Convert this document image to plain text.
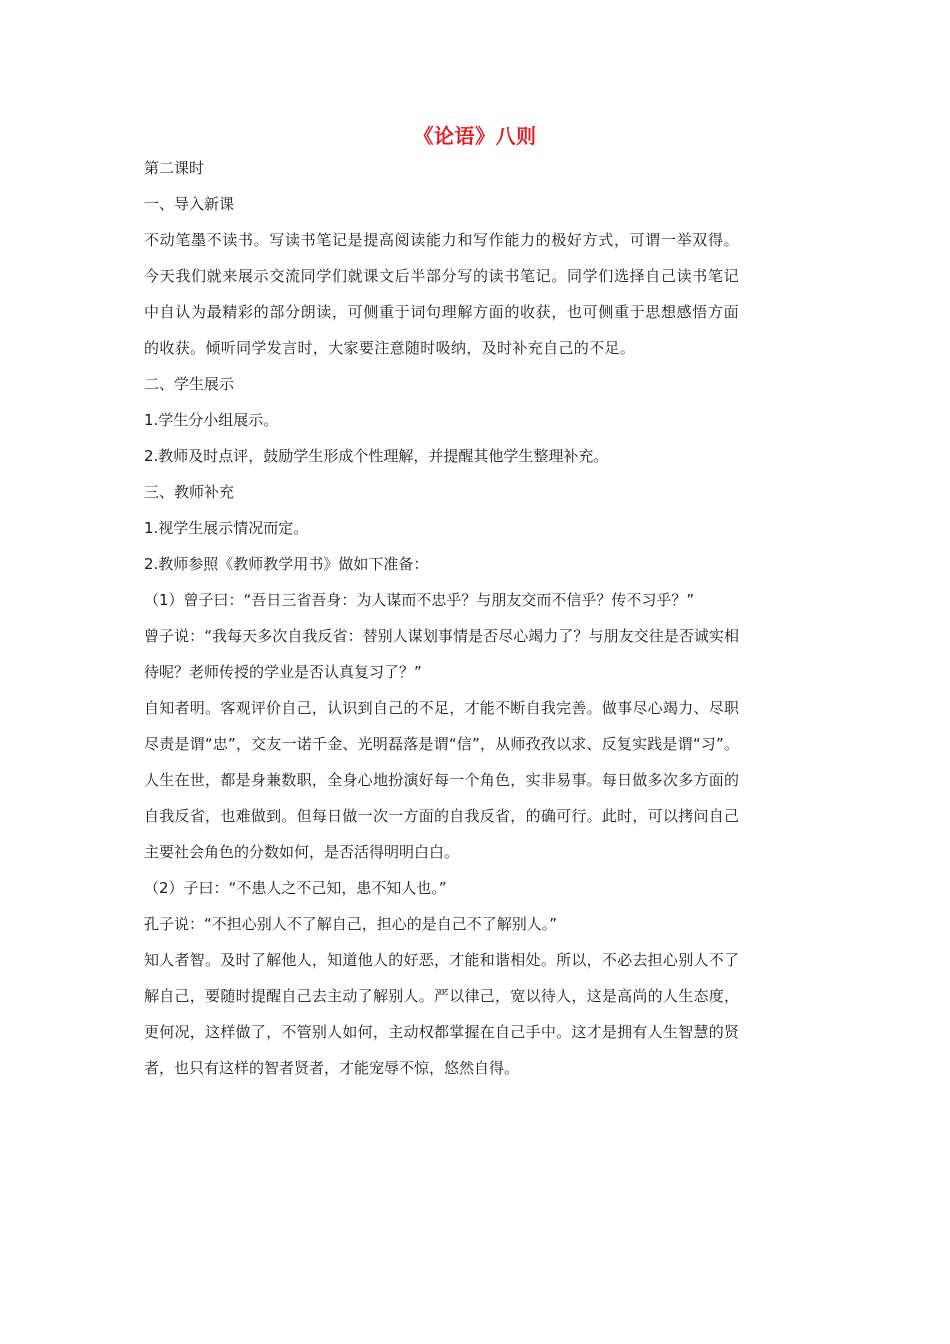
《论语》八则

第二课时

一、导入新课

不动笔墨不读书。写读书笔记是提高阅读能力和写作能力的极好方式，可谓一举双得。今天我们就来展示交流同学们就课文后半部分写的读书笔记。同学们选择自己读书笔记中自认为最精彩的部分朗读，可侧重于词句理解方面的收获，也可侧重于思想感悟方面的收获。倾听同学发言时，大家要注意随时吸纳，及时补充自己的不足。

二、学生展示

1.学生分小组展示。

2.教师及时点评，鼓励学生形成个性理解，并提醒其他学生整理补充。

三、教师补充

1.视学生展示情况而定。

2.教师参照《教师教学用书》做如下准备：

（1）曾子曰：“吾日三省吾身：为人谋而不忠乎？与朋友交而不信乎？传不习乎？”

曾子说：“我每天多次自我反省：替别人谋划事情是否尽心竭力了？与朋友交往是否诚实相待呢？老师传授的学业是否认真复习了？”

自知者明。客观评价自己，认识到自己的不足，才能不断自我完善。做事尽心竭力、尽职尽责是谓“忠”，交友一诺千金、光明磊落是谓“信”，从师孜孜以求、反复实践是谓“习”。人生在世，都是身兼数职，全身心地扮演好每一个角色，实非易事。每日做多次多方面的自我反省，也难做到。但每日做一次一方面的自我反省，的确可行。此时，可以拷问自己主要社会角色的分数如何，是否活得明明白白。

（2）子曰：“不患人之不己知，患不知人也。”

孔子说：“不担心别人不了解自己，担心的是自己不了解别人。”

知人者智。及时了解他人，知道他人的好恶，才能和谐相处。所以，不必去担心别人不了解自己，要随时提醒自己去主动了解别人。严以律己，宽以待人，这是高尚的人生态度，更何况，这样做了，不管别人如何，主动权都掌握在自己手中。这才是拥有人生智慧的贤者，也只有这样的智者贤者，才能宠辱不惊，悠然自得。
